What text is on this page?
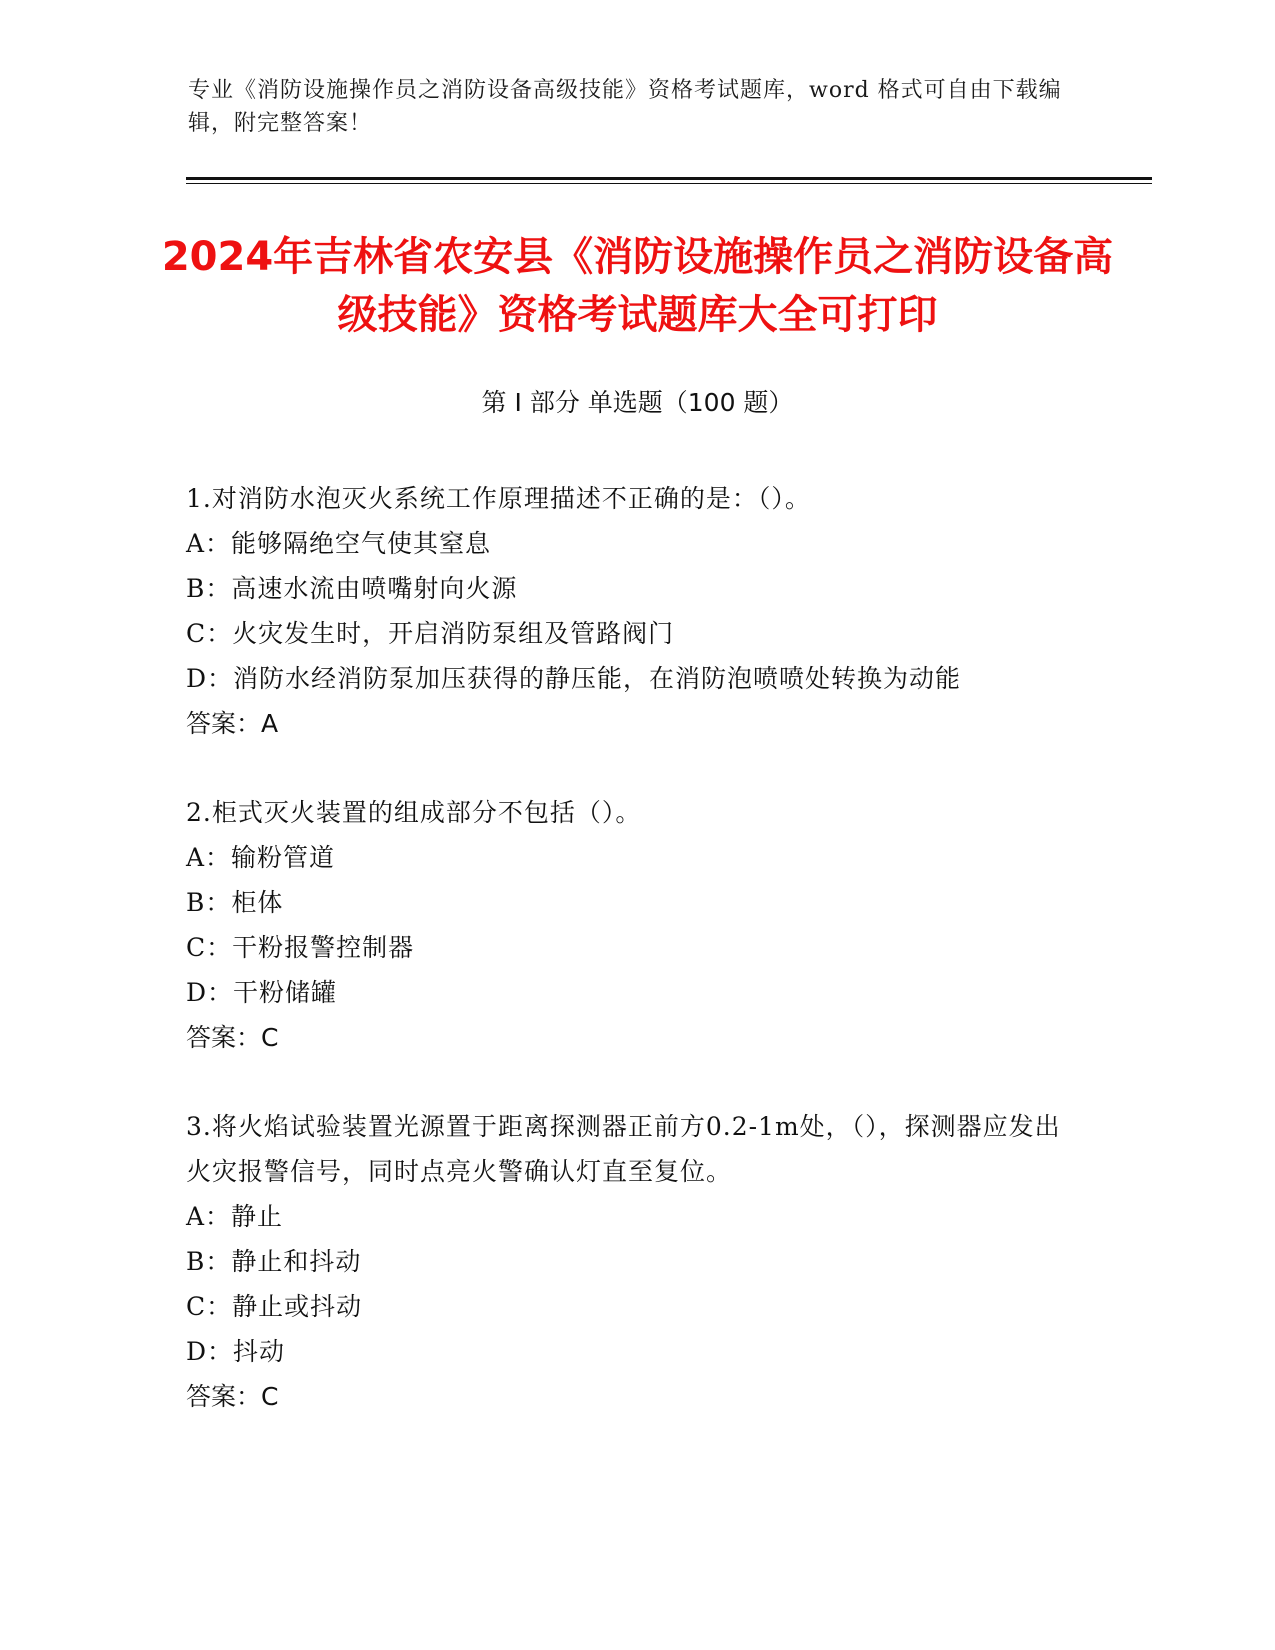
专业《消防设施操作员之消防设备高级技能》资格考试题库，word 格式可自由下载编辑，附完整答案！
2024年吉林省农安县《消防设施操作员之消防设备高级技能》资格考试题库大全可打印
第 I 部分 单选题（100 题）

1.对消防水泡灭火系统工作原理描述不正确的是：（）。

A：能够隔绝空气使其窒息

B：高速水流由喷嘴射向火源

C：火灾发生时，开启消防泵组及管路阀门

D：消防水经消防泵加压获得的静压能，在消防泡喷喷处转换为动能

答案：A

2.柜式灭火装置的组成部分不包括（）。

A：输粉管道

B：柜体

C：干粉报警控制器

D：干粉储罐

答案：C

3.将火焰试验装置光源置于距离探测器正前方0.2-1m处，（），探测器应发出火灾报警信号，同时点亮火警确认灯直至复位。

A：静止

B：静止和抖动

C：静止或抖动

D：抖动

答案：C
